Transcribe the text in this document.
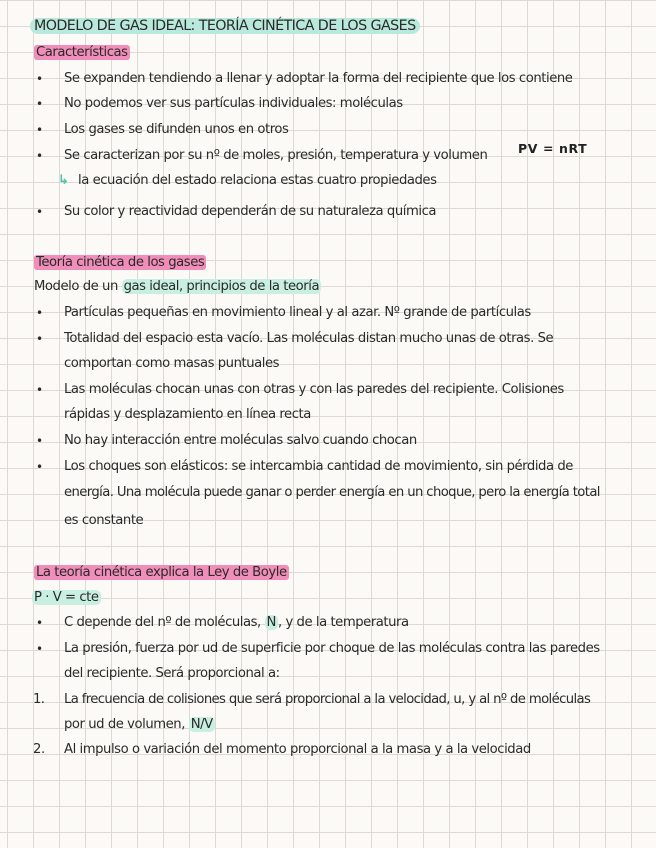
MODELO DE GAS IDEAL: TEORÍA CINÉTICA DE LOS GASES
Características
• Se expanden tendiendo a llenar y adoptar la forma del recipiente que los contiene
• No podemos ver sus partículas individuales: moléculas
• Los gases se difunden unos en otros
• Se caracterizan por su nº de moles, presión, temperatura y volumen PV = nRT
↳ la ecuación del estado relaciona estas cuatro propiedades
• Su color y reactividad dependerán de su naturaleza química
Teoría cinética de los gases
Modelo de un gas ideal, principios de la teoría
• Partículas pequeñas en movimiento lineal y al azar. Nº grande de partículas
• Totalidad del espacio esta vacío. Las moléculas distan mucho unas de otras. Se
comportan como masas puntuales
• Las moléculas chocan unas con otras y con las paredes del recipiente. Colisiones
rápidas y desplazamiento en línea recta
• No hay interacción entre moléculas salvo cuando chocan
• Los choques son elásticos: se intercambia cantidad de movimiento, sin pérdida de
energía. Una molécula puede ganar o perder energía en un choque, pero la energía total
es constante
La teoría cinética explica la Ley de Boyle
P · V = cte
• C depende del nº de moléculas, N , y de la temperatura
• La presión, fuerza por ud de superficie por choque de las moléculas contra las paredes
del recipiente. Será proporcional a:
1. La frecuencia de colisiones que será proporcional a la velocidad, u, y al nº de moléculas
por ud de volumen, N/V
2. Al impulso o variación del momento proporcional a la masa y a la velocidad
